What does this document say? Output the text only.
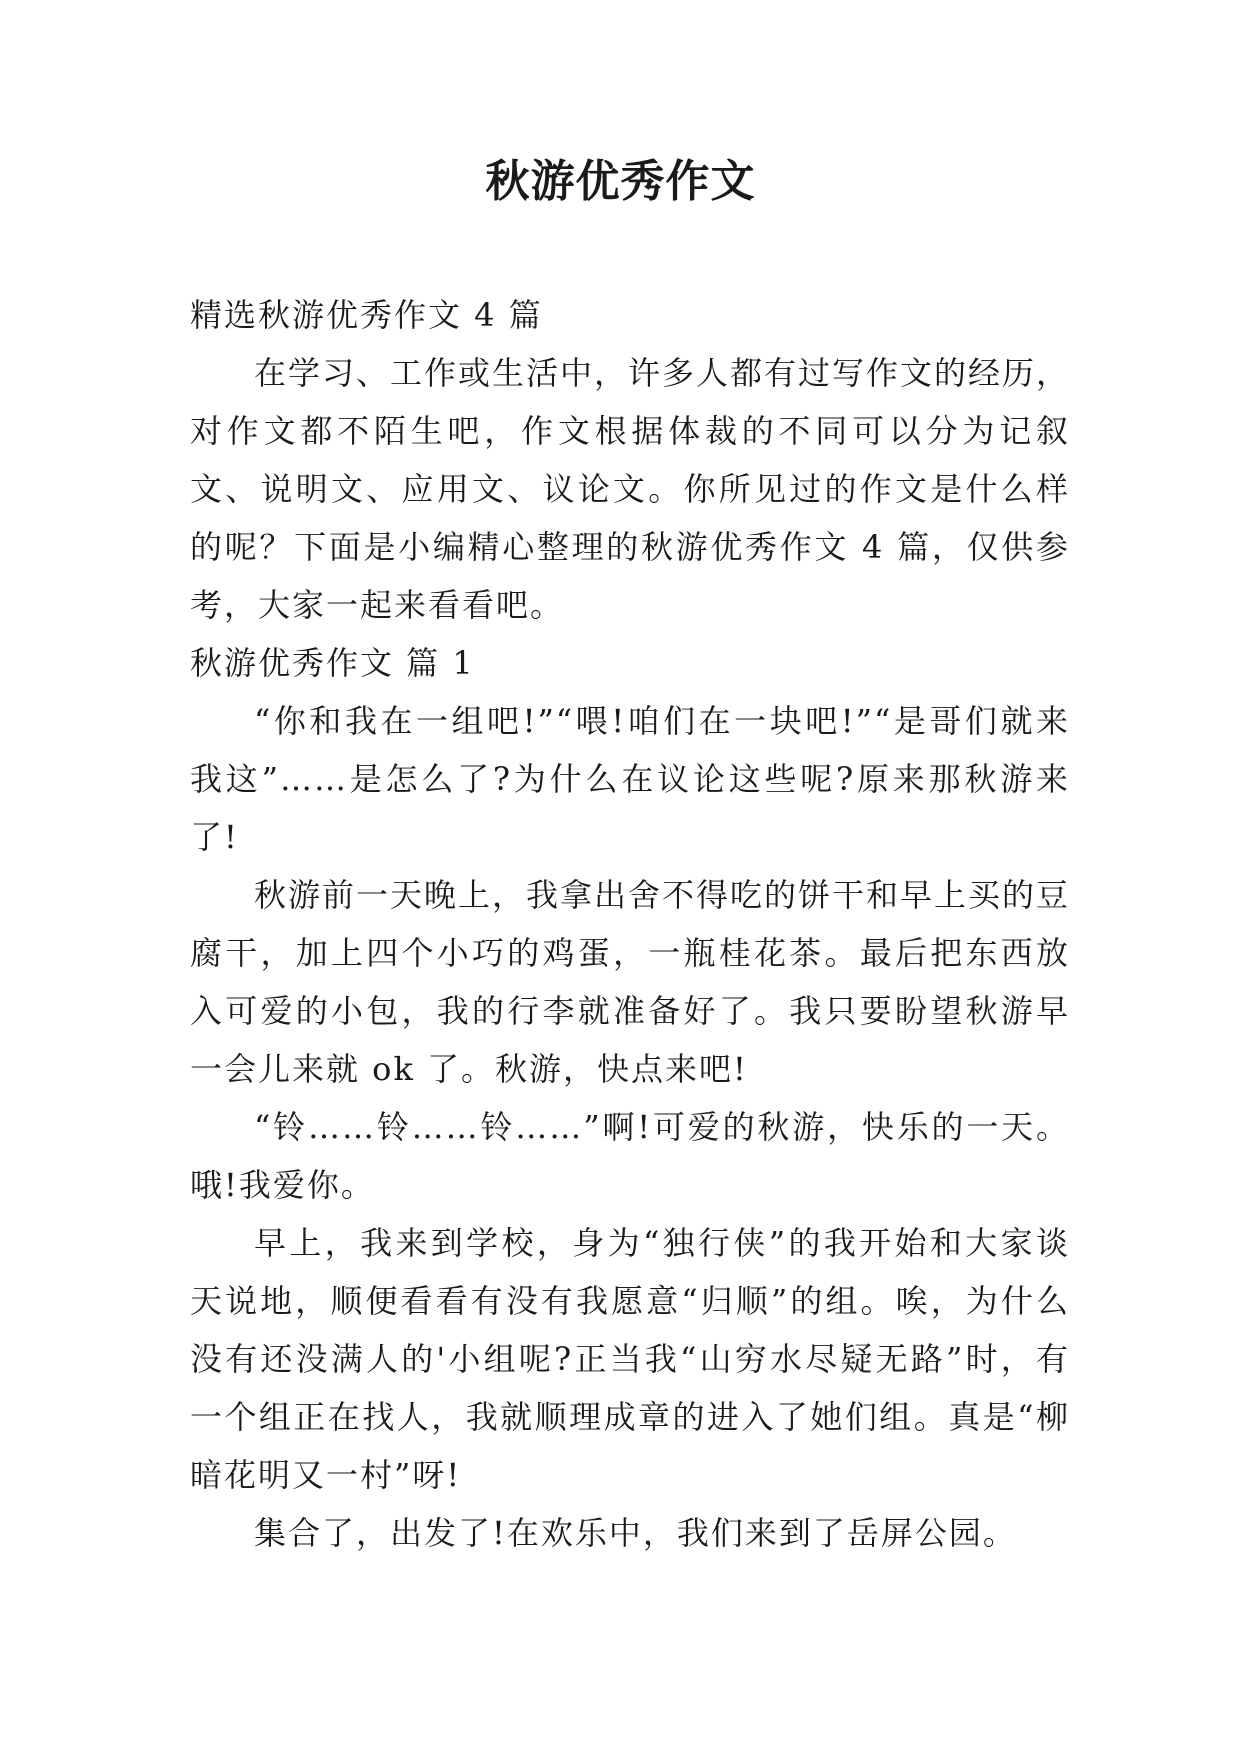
秋游优秀作文

精选秋游优秀作文 4 篇

在学习、工作或生活中，许多人都有过写作文的经历，对作文都不陌生吧，作文根据体裁的不同可以分为记叙文、说明文、应用文、议论文。你所见过的作文是什么样的呢？下面是小编精心整理的秋游优秀作文 4 篇，仅供参考，大家一起来看看吧。

秋游优秀作文 篇 1

“你和我在一组吧!”“喂!咱们在一块吧!”“是哥们就来我这”……是怎么了?为什么在议论这些呢?原来那秋游来了!

秋游前一天晚上，我拿出舍不得吃的饼干和早上买的豆腐干，加上四个小巧的鸡蛋，一瓶桂花茶。最后把东西放入可爱的小包，我的行李就准备好了。我只要盼望秋游早一会儿来就 ok 了。秋游，快点来吧!

“铃……铃……铃……”啊!可爱的秋游，快乐的一天。哦!我爱你。

早上，我来到学校，身为“独行侠”的我开始和大家谈天说地，顺便看看有没有我愿意“归顺”的组。唉，为什么没有还没满人的'小组呢?正当我“山穷水尽疑无路”时，有一个组正在找人，我就顺理成章的进入了她们组。真是“柳暗花明又一村”呀!

集合了，出发了!在欢乐中，我们来到了岳屏公园。
